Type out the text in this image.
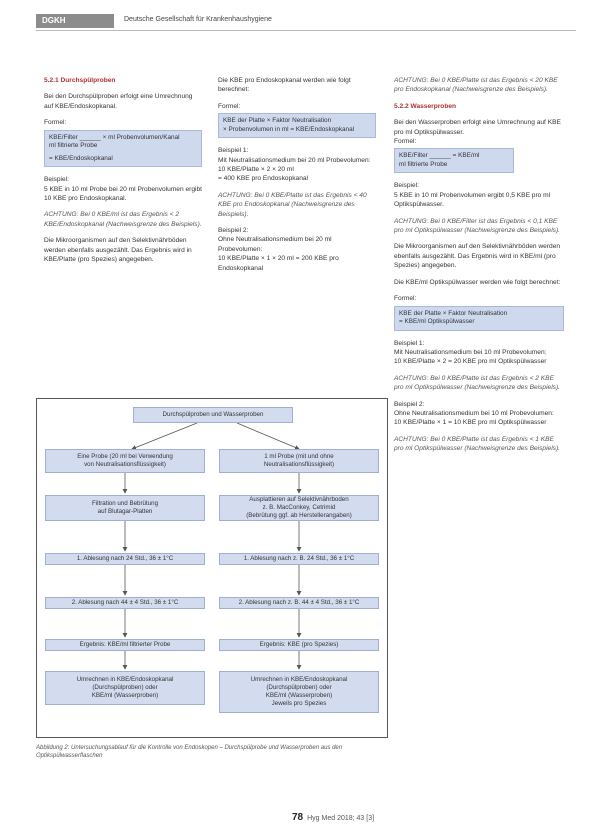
DGKH	Deutsche Gesellschaft für Krankenhaushygiene

5.2.1 Durchspülproben

Bei den Durchspülproben erfolgt eine Umrechnung auf KBE/Endoskopkanal.

Formel:

KBE/Filter ______ × ml Probenvolumen/Kanal
ml filtrierte Probe
= KBE/Endoskopkanal

Beispiel:

5 KBE in 10 ml Probe bei 20 ml Probenvolumen ergibt 10 KBE pro Endoskopkanal.

ACHTUNG: Bei 0 KBE/ml ist das Ergebnis < 2 KBE/Endoskopkanal (Nachweisgrenze des Beispiels).

Die Mikroorganismen auf den Selektivnährböden werden ebenfalls ausgezählt. Das Ergebnis wird in KBE/Platte (pro Spezies) angegeben.

Die KBE pro Endoskopkanal werden wie folgt berechnet:

Formel:

KBE der Platte × Faktor Neutralisation
× Probenvolumen in ml = KBE/Endoskopkanal

Beispiel 1:

Mit Neutralisationsmedium bei 20 ml Probevolumen:

10 KBE/Platte × 2 × 20 ml

= 400 KBE pro Endoskopkanal

ACHTUNG: Bei 0 KBE/Platte ist das Ergebnis < 40 KBE pro Endoskopkanal (Nachweisgrenze des Beispiels).

Beispiel 2:

Ohne Neutralisationsmedium bei 20 ml Probevolumen:

10 KBE/Platte × 1 × 20 ml = 200 KBE pro Endoskopkanal

ACHTUNG: Bei 0 KBE/Platte ist das Ergebnis < 20 KBE pro Endoskopkanal (Nachweisgrenze des Beispiels).

5.2.2 Wasserproben

Bei den Wasserproben erfolgt eine Umrechnung auf KBE pro ml Optikspülwasser.

Formel:

KBE/Filter ______ = KBE/ml
ml filtrierte Probe

Beispiel:

5 KBE in 10 ml Probenvolumen ergibt 0,5 KBE pro ml Optikspülwasser.

ACHTUNG: Bei 0 KBE/Filter ist das Ergebnis < 0,1 KBE pro ml Optikspülwasser (Nachweisgrenze des Beispiels).

Die Mikroorganismen auf den Selektivnährböden werden ebenfalls ausgezählt. Das Ergebnis wird in KBE/ml (pro Spezies) angegeben.

Die KBE/ml Optikspülwasser werden wie folgt berechnet:

Formel:

KBE der Platte × Faktor Neutralisation
= KBE/ml Optikspülwasser

Beispiel 1:

Mit Neutralisationsmedium bei 10 ml Probevolumen:

10 KBE/Platte × 2 = 20 KBE pro ml Optikspülwasser

ACHTUNG: Bei 0 KBE/Platte ist das Ergebnis < 2 KBE pro ml Optikspülwasser (Nachweisgrenze des Beispiels).

Beispiel 2:

Ohne Neutralisationsmedium bei 10 ml Probevolumen:

10 KBE/Platte × 1 = 10 KBE pro ml Optikspülwasser

ACHTUNG: Bei 0 KBE/Platte ist das Ergebnis < 1 KBE pro ml Optikspülwasser (Nachweisgrenze des Beispiels).

Durchspülproben und Wasserproben
Eine Probe (20 ml bei Verwendung
von Neutralisationsflüssigkeit)
Filtration und Bebrütung
auf Blutagar-Platten
1. Ablesung nach 24 Std., 36 ± 1°C
2. Ablesung nach 44 ± 4 Std., 36 ± 1°C
Ergebnis: KBE/ml filtrierter Probe
Umrechnen in KBE/Endoskopkanal
(Durchspülproben) oder
KBE/ml (Wasserproben)
1 ml Probe (mit und ohne
Neutralisationsflüssigkeit)
Ausplattieren auf Selektivnährboden
z. B. MacConkey, Cetrimid
(Bebrütung ggf. ab Herstellerangaben)
1. Ablesung nach z. B. 24 Std., 36 ± 1°C
2. Ablesung nach z. B. 44 ± 4 Std., 36 ± 1°C
Ergebnis: KBE (pro Spezies)
Umrechnen in KBE/Endoskopkanal
(Durchspülproben) oder
KBE/ml (Wasserproben)
Jeweils pro Spezies
Abbildung 2: Untersuchungsablauf für die Kontrolle von Endoskopen – Durchspülprobe und Wasserproben aus den Optikspülwasserflaschen
78 Hyg Med 2018; 43 [3]
